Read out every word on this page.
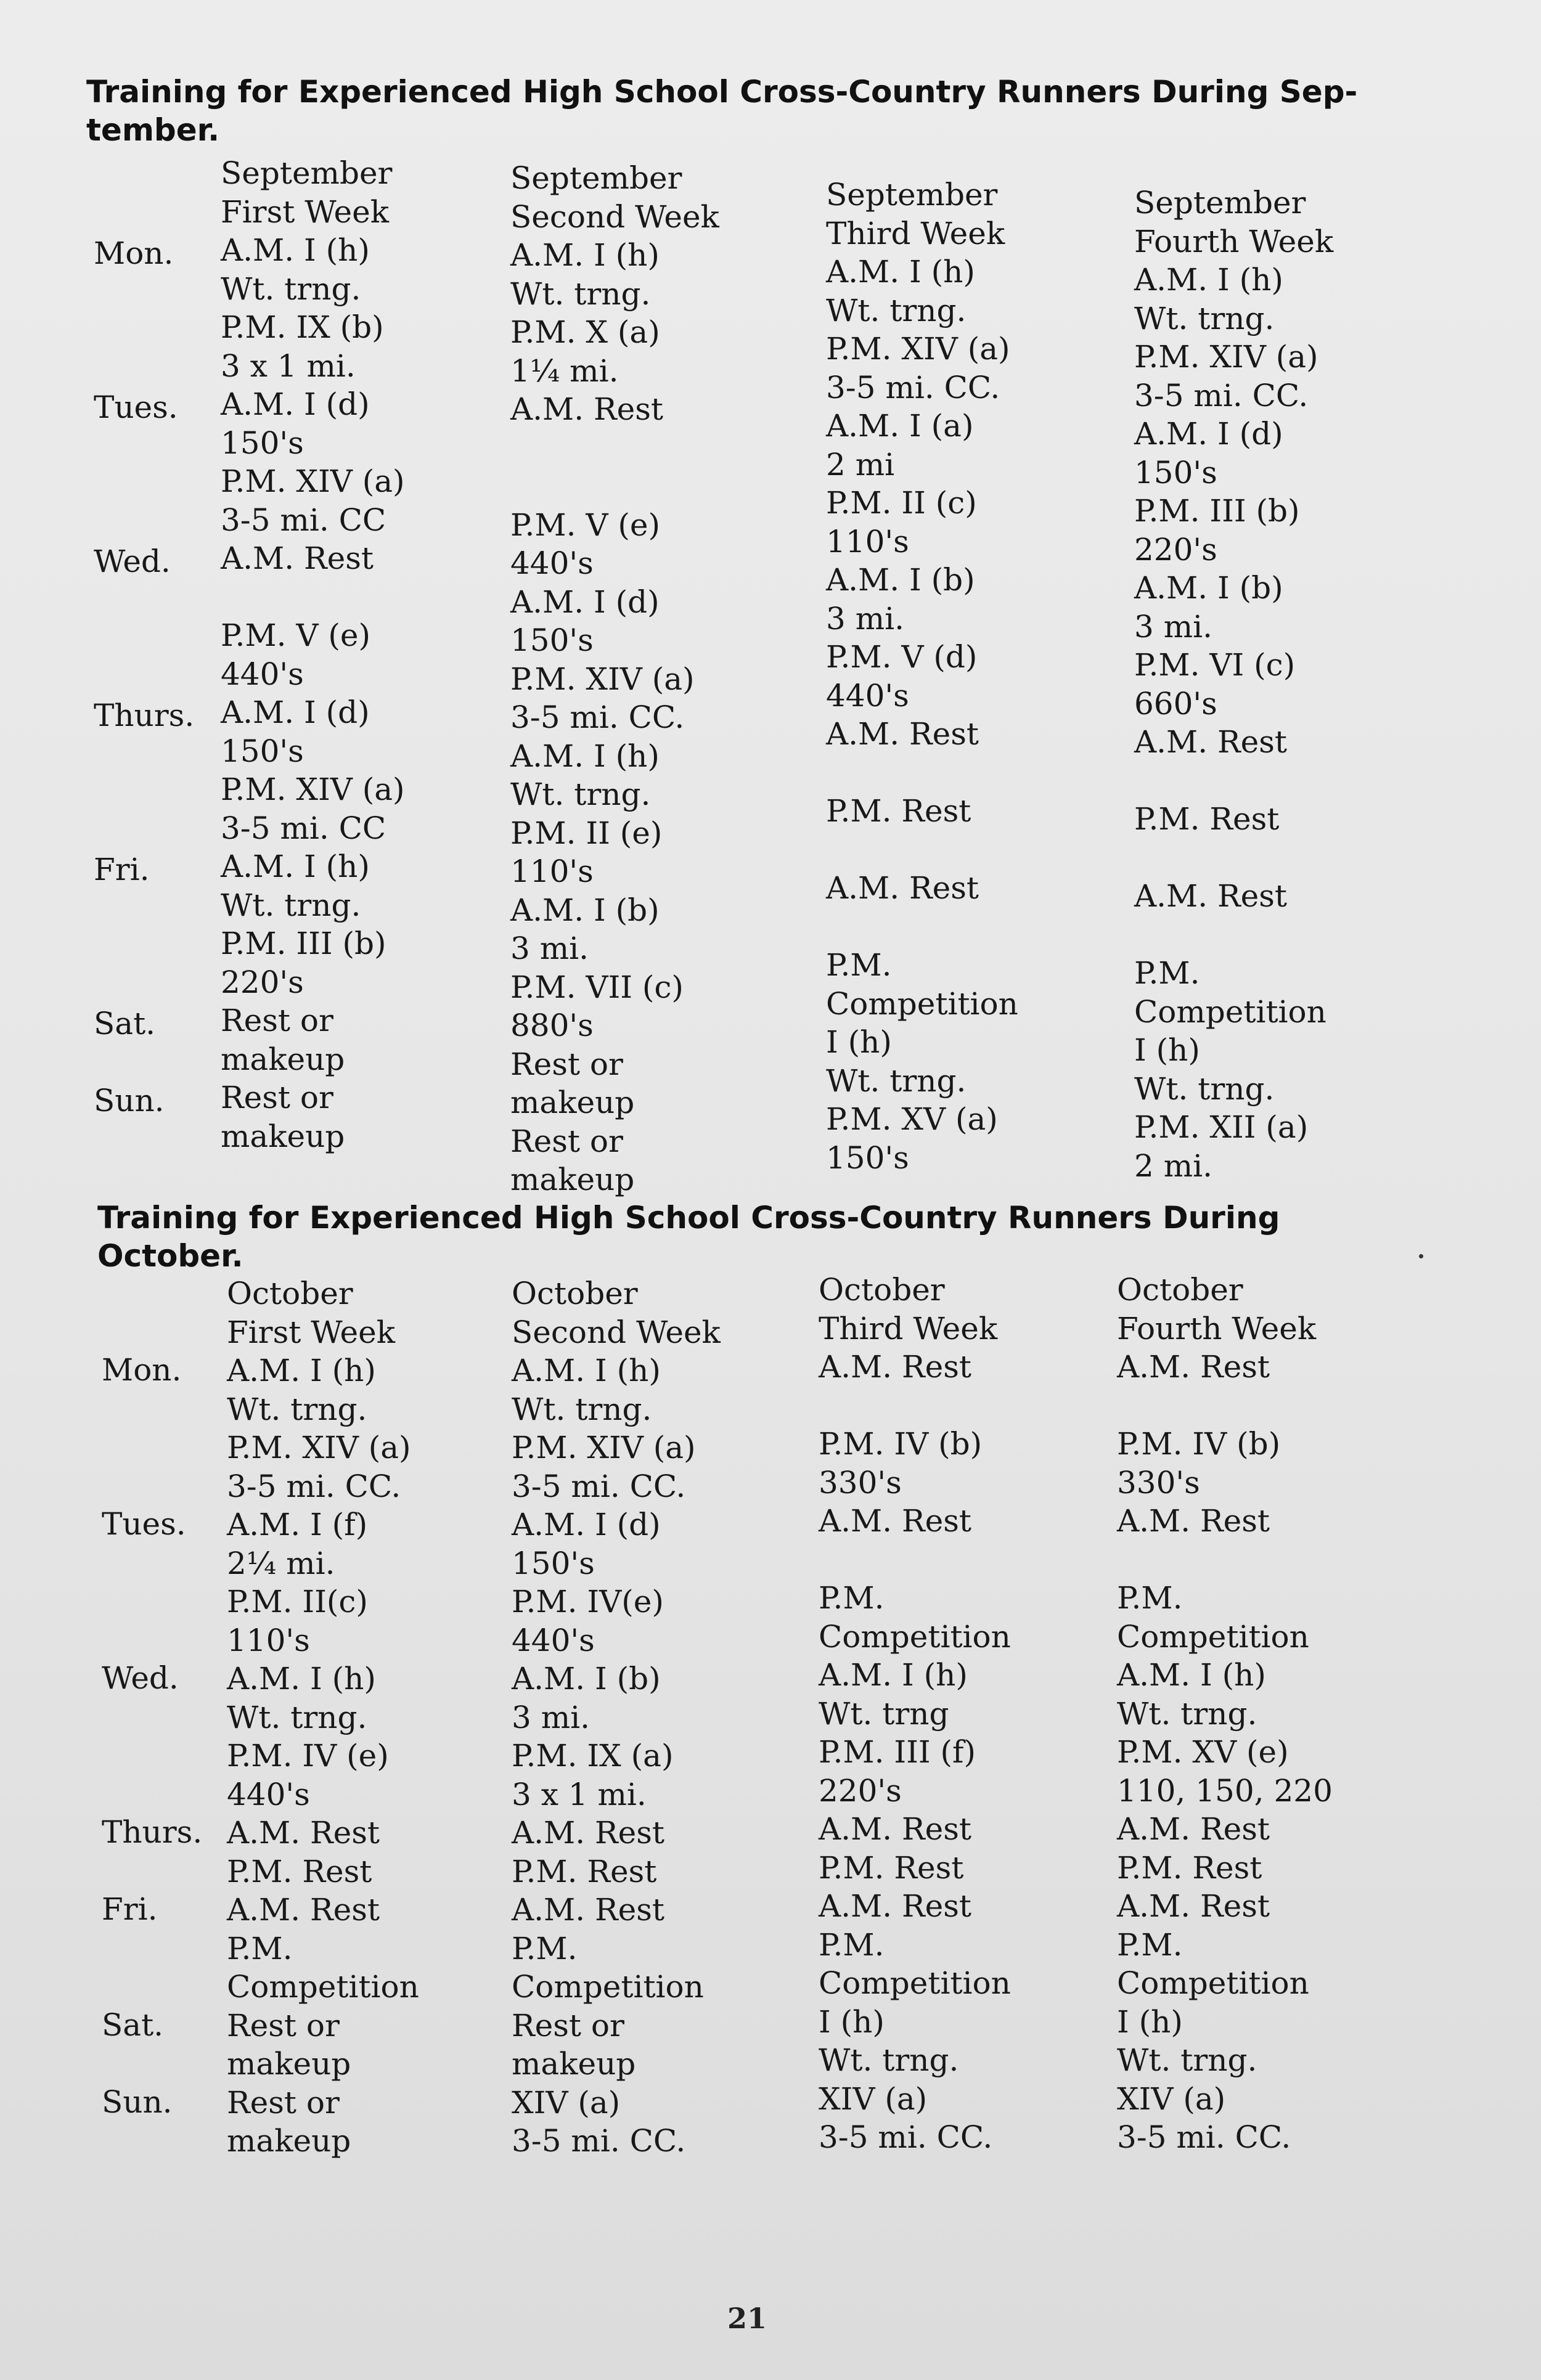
Training for Experienced High School Cross-Country Runners During Sep- tember.
Mon.
Tues.
Wed.
Thurs.
Fri.
Sat.
Sun.
September
First Week
A.M. I (h)
Wt. trng.
P.M. IX (b)
3 x 1 mi.
A.M. I (d)
150's
P.M. XIV (a)
3-5 mi. CC
A.M. Rest
P.M. V (e)
440's
A.M. I (d)
150's
P.M. XIV (a)
3-5 mi. CC
A.M. I (h)
Wt. trng.
P.M. III (b)
220's
Rest or
makeup
Rest or
makeup
September
Second Week
A.M. I (h)
Wt. trng.
P.M. X (a)
1¼ mi.
A.M. Rest
P.M. V (e)
440's
A.M. I (d)
150's
P.M. XIV (a)
3-5 mi. CC.
A.M. I (h)
Wt. trng.
P.M. II (e)
110's
A.M. I (b)
3 mi.
P.M. VII (c)
880's
Rest or
makeup
Rest or
makeup
September
Third Week
A.M. I (h)
Wt. trng.
P.M. XIV (a)
3-5 mi. CC.
A.M. I (a)
2 mi
P.M. II (c)
110's
A.M. I (b)
3 mi.
P.M. V (d)
440's
A.M. Rest
P.M. Rest
A.M. Rest
P.M.
Competition
I (h)
Wt. trng.
P.M. XV (a)
150's
September
Fourth Week
A.M. I (h)
Wt. trng.
P.M. XIV (a)
3-5 mi. CC.
A.M. I (d)
150's
P.M. III (b)
220's
A.M. I (b)
3 mi.
P.M. VI (c)
660's
A.M. Rest
P.M. Rest
A.M. Rest
P.M.
Competition
I (h)
Wt. trng.
P.M. XII (a)
2 mi.
Training for Experienced High School Cross-Country Runners During October.
Mon.
Tues.
Wed.
Thurs.
Fri.
Sat.
Sun.
October
First Week
A.M. I (h)
Wt. trng.
P.M. XIV (a)
3-5 mi. CC.
A.M. I (f)
2¼ mi.
P.M. II(c)
110's
A.M. I (h)
Wt. trng.
P.M. IV (e)
440's
A.M. Rest
P.M. Rest
A.M. Rest
P.M.
Competition
Rest or
makeup
Rest or
makeup
October
Second Week
A.M. I (h)
Wt. trng.
P.M. XIV (a)
3-5 mi. CC.
A.M. I (d)
150's
P.M. IV(e)
440's
A.M. I (b)
3 mi.
P.M. IX (a)
3 x 1 mi.
A.M. Rest
P.M. Rest
A.M. Rest
P.M.
Competition
Rest or
makeup
XIV (a)
3-5 mi. CC.
October
Third Week
A.M. Rest
P.M. IV (b)
330's
A.M. Rest
P.M.
Competition
A.M. I (h)
Wt. trng
P.M. III (f)
220's
A.M. Rest
P.M. Rest
A.M. Rest
P.M.
Competition
I (h)
Wt. trng.
XIV (a)
3-5 mi. CC.
October
Fourth Week
A.M. Rest
P.M. IV (b)
330's
A.M. Rest
P.M.
Competition
A.M. I (h)
Wt. trng.
P.M. XV (e)
110, 150, 220
A.M. Rest
P.M. Rest
A.M. Rest
P.M.
Competition
I (h)
Wt. trng.
XIV (a)
3-5 mi. CC.
21
